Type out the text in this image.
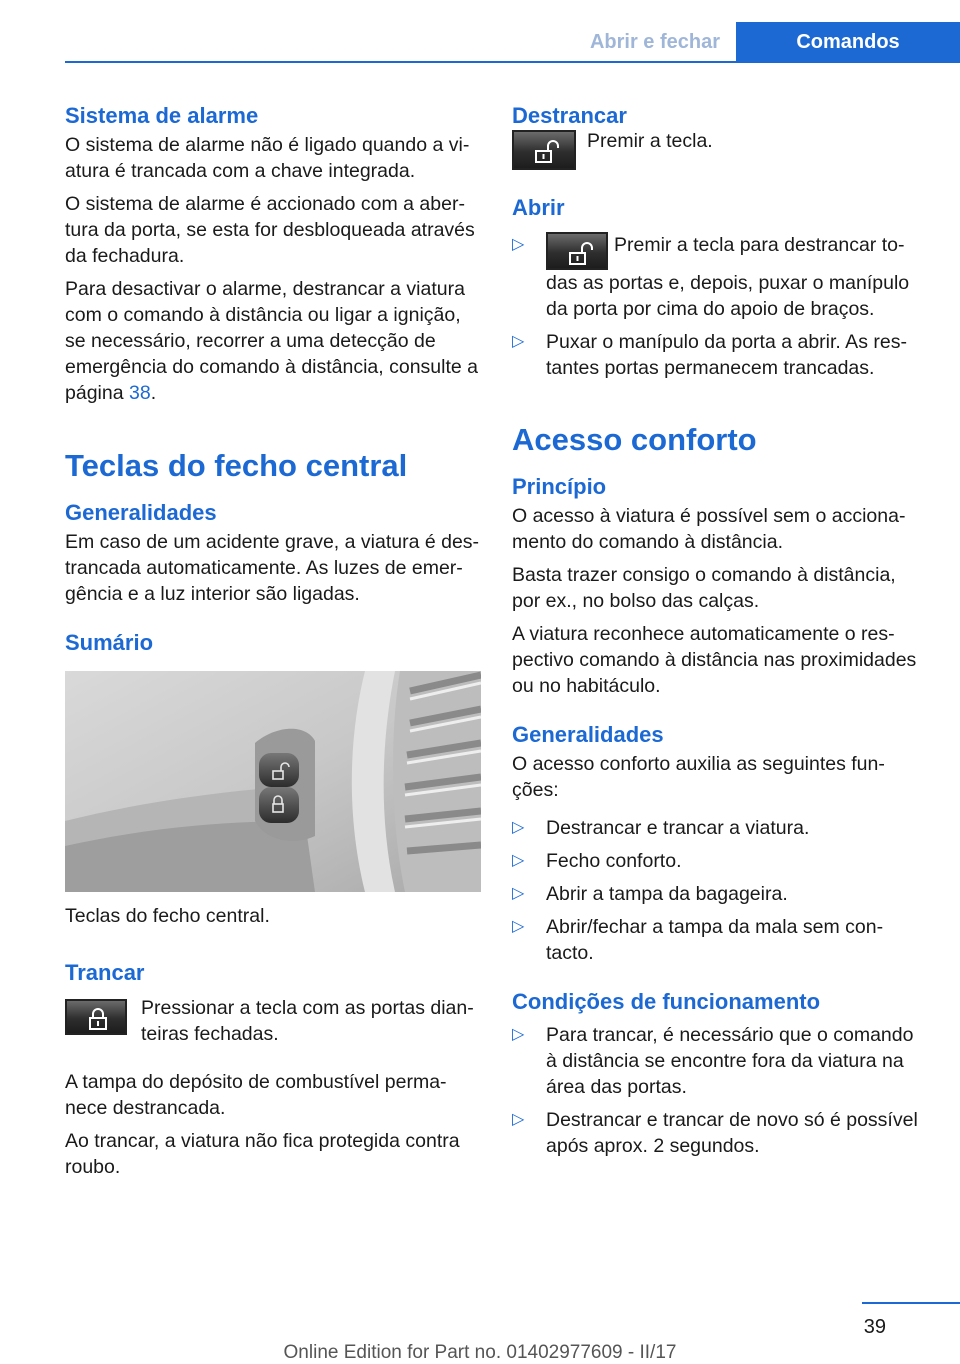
Abrir e fechar	Comandos
Sistema de alarme

O sistema de alarme não é ligado quando a vi-atura é trancada com a chave integrada.

O sistema de alarme é accionado com a aber-tura da porta, se esta for desbloqueada através da fechadura.

Para desactivar o alarme, destrancar a viatura com o comando à distância ou ligar a ignição, se necessário, recorrer a uma detecção de emergência do comando à distância, consulte a página 38.

Teclas do fecho central
Generalidades

Em caso de um acidente grave, a viatura é des-trancada automaticamente. As luzes de emer-gência e a luz interior são ligadas.

Sumário

Teclas do fecho central.

Trancar

Pressionar a tecla com as portas dian-teiras fechadas.

A tampa do depósito de combustível perma-nece destrancada.

Ao trancar, a viatura não fica protegida contra roubo.

Destrancar

Premir a tecla.

Abrir
▷	Premir a tecla para destrancar to-das as portas e, depois, puxar o manípulo da porta por cima do apoio de braços.
▷ Puxar o manípulo da porta a abrir. As res-tantes portas permanecem trancadas.
Acesso conforto
Princípio

O acesso à viatura é possível sem o acciona-mento do comando à distância.

Basta trazer consigo o comando à distância, por ex., no bolso das calças.

A viatura reconhece automaticamente o res-pectivo comando à distância nas proximidades ou no habitáculo.

Generalidades

O acesso conforto auxilia as seguintes fun-ções:

▷ Destrancar e trancar a viatura.
▷ Fecho conforto.
▷ Abrir a tampa da bagageira.
▷ Abrir/fechar a tampa da mala sem con-tacto.
Condições de funcionamento
▷ Para trancar, é necessário que o comando à distância se encontre fora da viatura na área das portas.
▷ Destrancar e trancar de novo só é possível após aprox. 2 segundos.
39
Online Edition for Part no. 01402977609 - II/17
